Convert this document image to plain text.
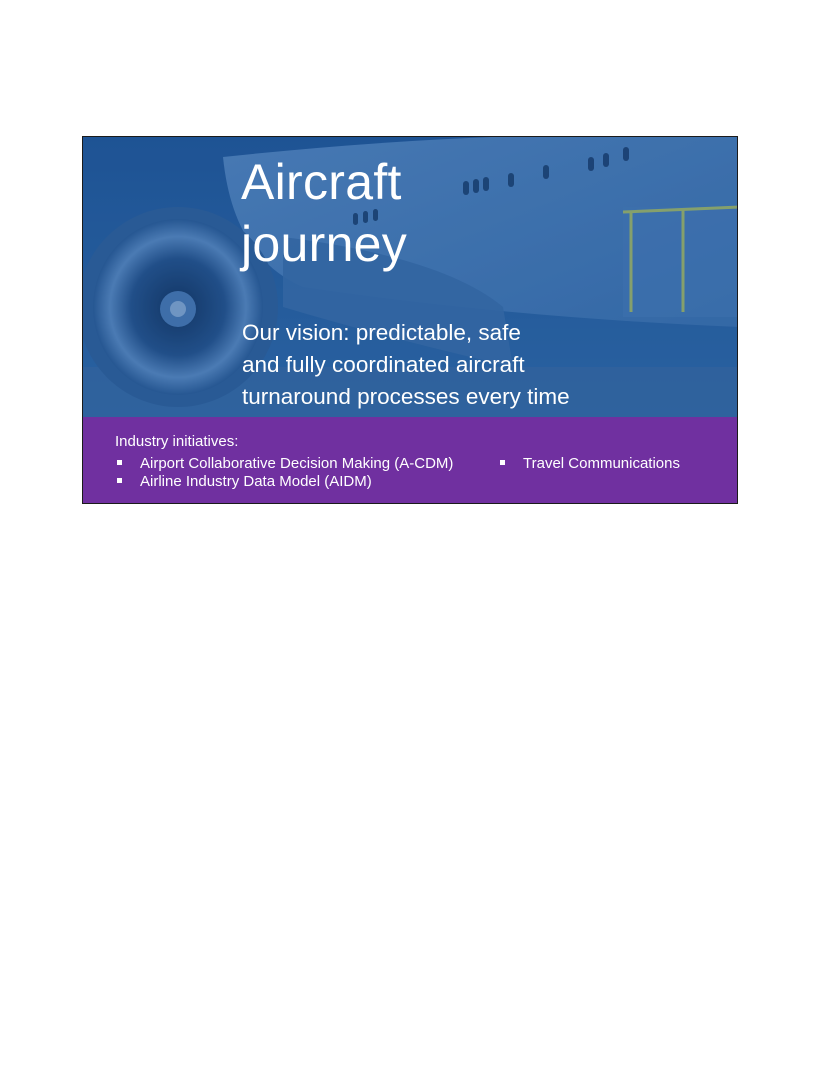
Aircraft
journey
Our vision: predictable, safe
and fully coordinated aircraft
turnaround processes every time
Industry initiatives:
Airport Collaborative Decision Making (A-CDM)	Travel Communications
Airline Industry Data Model (AIDM)
